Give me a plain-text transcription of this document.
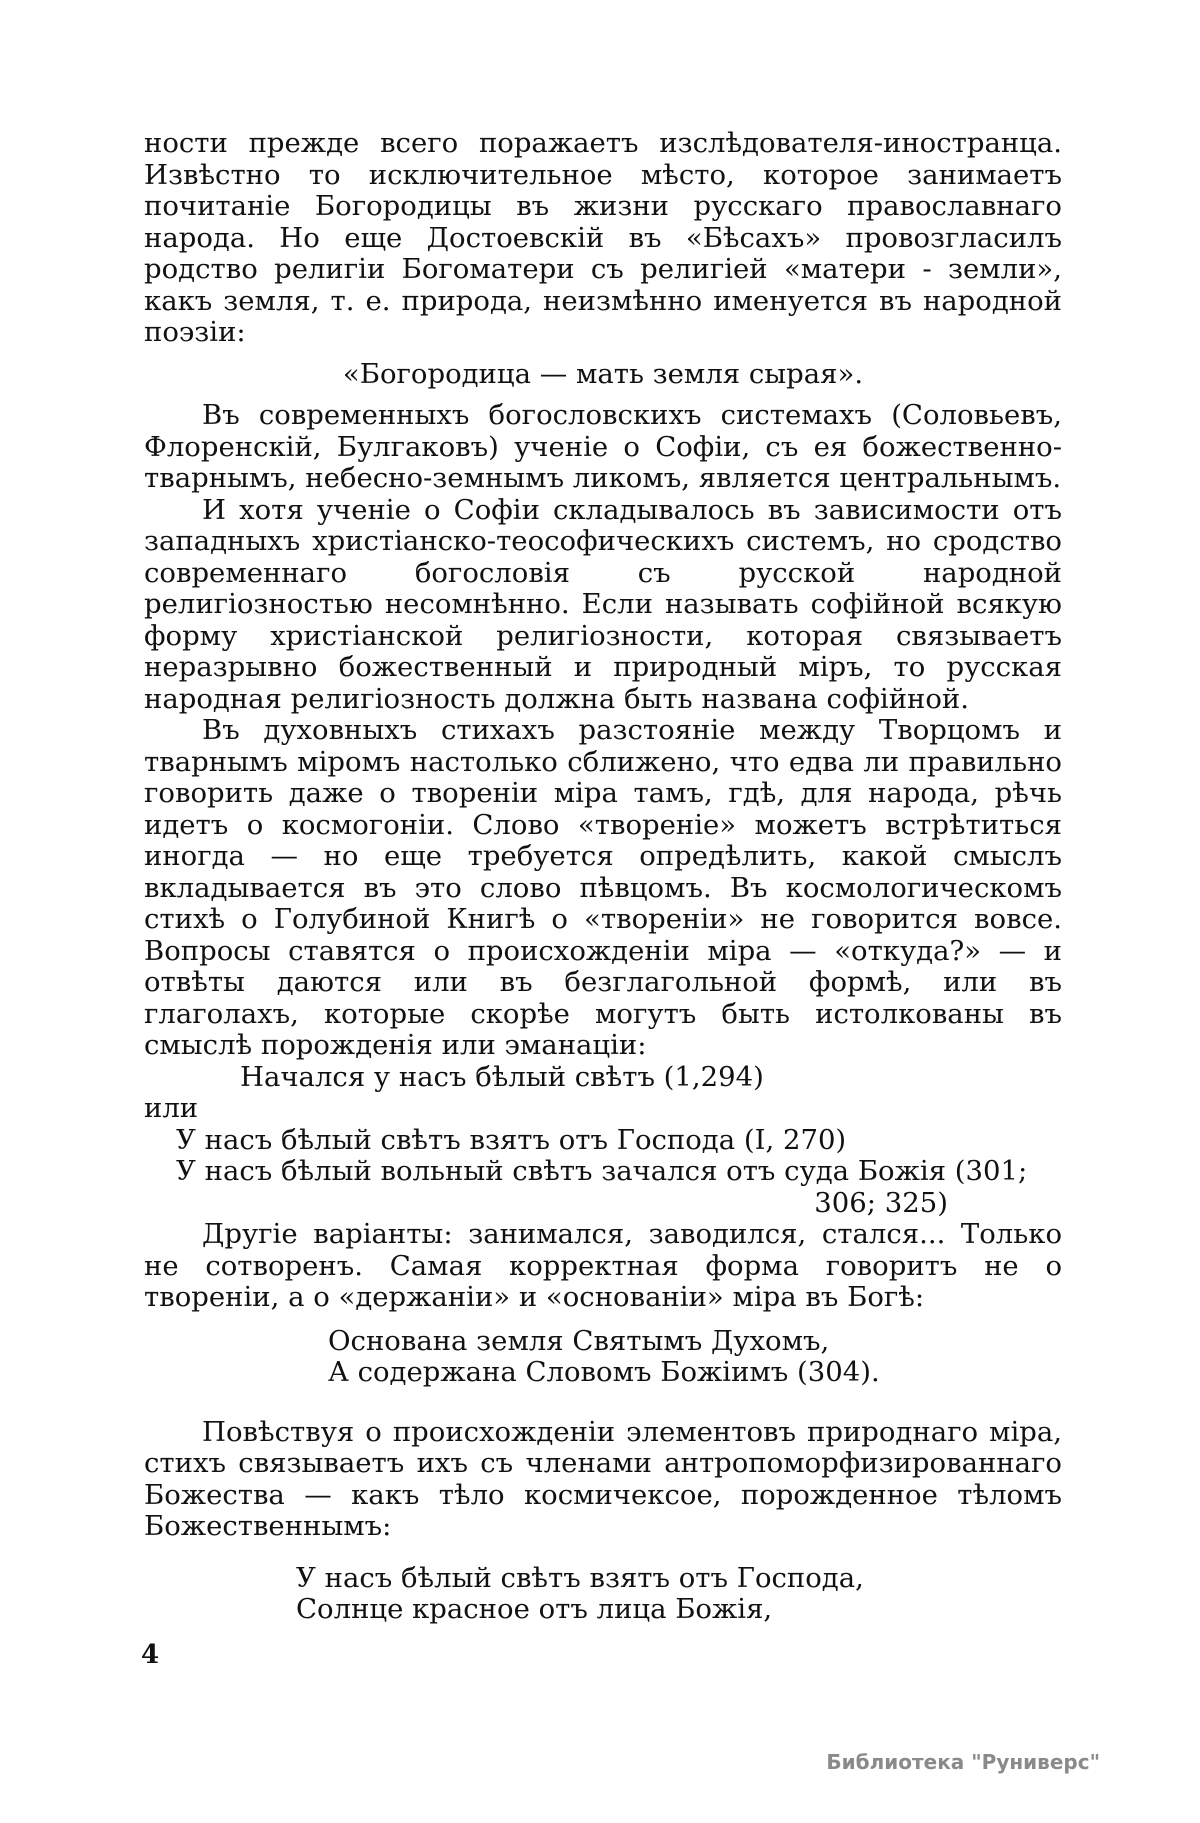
ности прежде всего поражаетъ изслѣдователя-иностранца. Извѣстно то исключительное мѣсто, которое занимаетъ почитаніе Богородицы въ жизни русскаго православнаго народа. Но еще Достоевскій въ «Бѣсахъ» провозгласилъ родство религіи Богоматери съ религіей «матери - земли», какъ земля, т. е. природа, неизмѣнно именуется въ народной поэзіи:

«Богородица — мать земля сырая».

Въ современныхъ богословскихъ системахъ (Соловьевъ, Флоренскій, Булгаковъ) ученіе о Софіи, съ ея божественно-тварнымъ, небесно-земнымъ ликомъ, является центральнымъ.

И хотя ученіе о Софіи складывалось въ зависимости отъ западныхъ христіанско-теософическихъ системъ, но сродство современнаго богословія съ русской народной религіозностью несомнѣнно. Если называть софійной всякую форму христіанской религіозности, которая связываетъ неразрывно божественный и природный міръ, то русская народная религіозность должна быть названа софійной.

Въ духовныхъ стихахъ разстояніе между Творцомъ и тварнымъ міромъ настолько сближено, что едва ли правильно говорить даже о твореніи міра тамъ, гдѣ, для народа, рѣчь идетъ о космогоніи. Слово «твореніе» можетъ встрѣтиться иногда — но еще требуется опредѣлить, какой смыслъ вкладывается въ это слово пѣвцомъ. Въ космологическомъ стихѣ о Голубиной Книгѣ о «твореніи» не говорится вовсе. Вопросы ставятся о происхожденіи міра — «откуда?» — и отвѣты даются или въ безглагольной формѣ, или въ глаголахъ, которые скорѣе могутъ быть истолкованы въ смыслѣ порожденія или эманаціи:

Начался у насъ бѣлый свѣтъ (1,294)
или
У насъ бѣлый свѣтъ взятъ отъ Господа (I, 270)
У насъ бѣлый вольный свѣтъ зачался отъ суда Божія (301;
306; 325)

Другіе варіанты: занимался, заводился, стался... Только не сотворенъ. Самая корректная форма говоритъ не о твореніи, а о «держаніи» и «основаніи» міра въ Богѣ:

Основана земля Святымъ Духомъ,
А содержана Словомъ Божіимъ (304).

Повѣствуя о происхожденіи элементовъ природнаго міра, стихъ связываетъ ихъ съ членами антропоморфизированнаго Божества — какъ тѣло космичексое, порожденное тѣломъ Божественнымъ:

У насъ бѣлый свѣтъ взятъ отъ Господа,
Солнце красное отъ лица Божія,
4
Библиотека "Руниверс"
